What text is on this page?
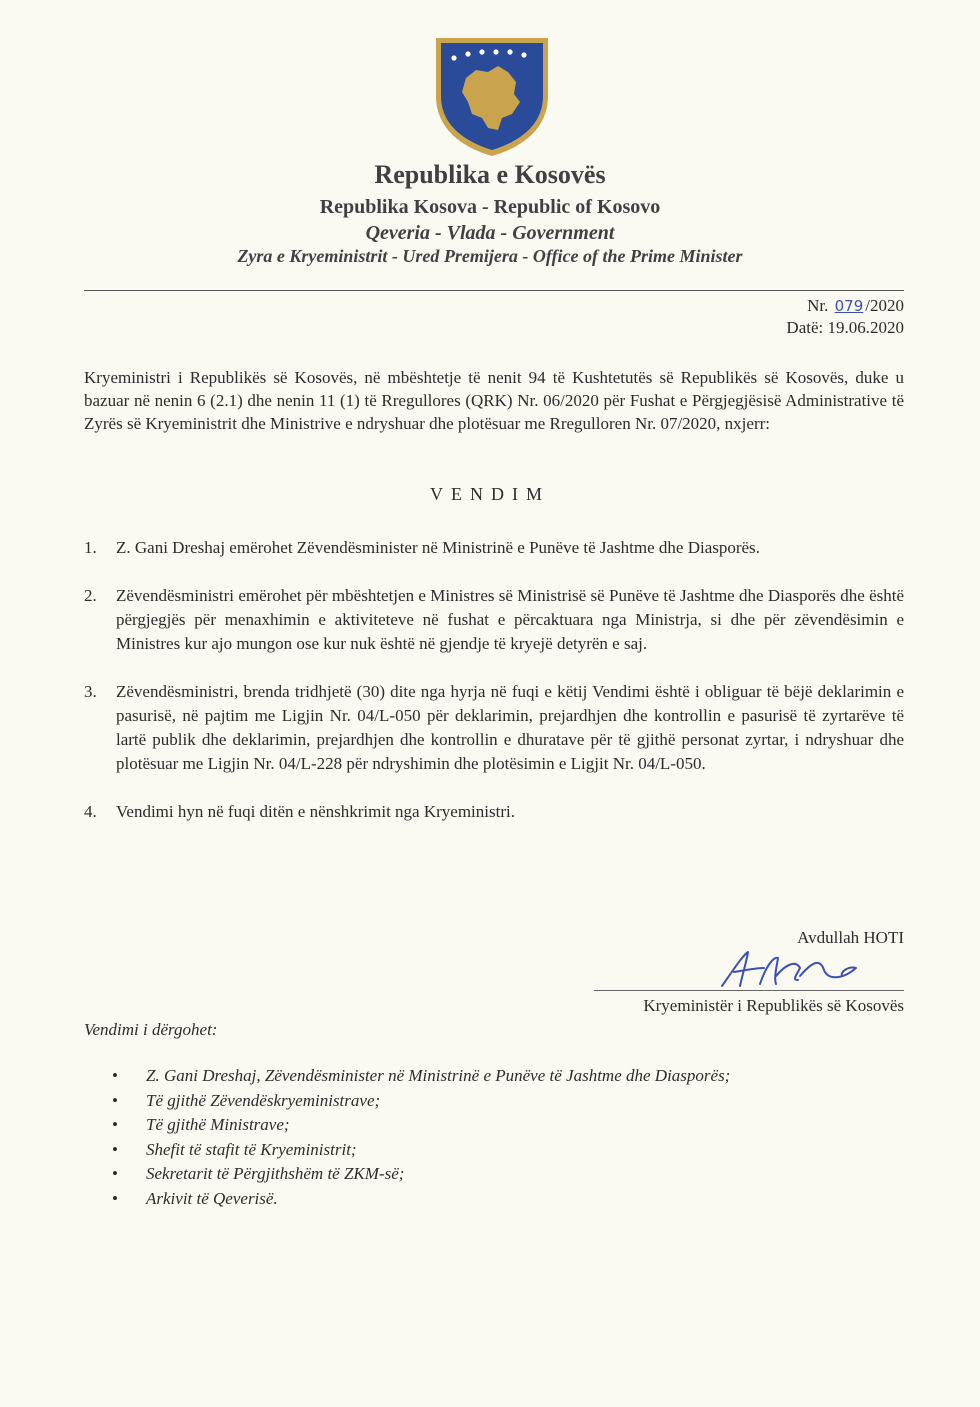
Republika e Kosovës
Republika Kosova - Republic of Kosovo
Qeveria - Vlada - Government
Zyra e Kryeministrit - Ured Premijera - Office of the Prime Minister
Nr. 079 /2020
Datë: 19.06.2020
Kryeministri i Republikës së Kosovës, në mbështetje të nenit 94 të Kushtetutës së Republikës së Kosovës, duke u bazuar në nenin 6 (2.1) dhe nenin 11 (1) të Rregullores (QRK) Nr. 06/2020 për Fushat e Përgjegjësisë Administrative të Zyrës së Kryeministrit dhe Ministrive e ndryshuar dhe plotësuar me Rregulloren Nr. 07/2020, nxjerr:
VENDIM
1. Z. Gani Dreshaj emërohet Zëvendësminister në Ministrinë e Punëve të Jashtme dhe Diasporës.
2. Zëvendësministri emërohet për mbështetjen e Ministres së Ministrisë së Punëve të Jashtme dhe Diasporës dhe është përgjegjës për menaxhimin e aktiviteteve në fushat e përcaktuara nga Ministrja, si dhe për zëvendësimin e Ministres kur ajo mungon ose kur nuk është në gjendje të kryejë detyrën e saj.
3. Zëvendësministri, brenda tridhjetë (30) dite nga hyrja në fuqi e këtij Vendimi është i obliguar të bëjë deklarimin e pasurisë, në pajtim me Ligjin Nr. 04/L-050 për deklarimin, prejardhjen dhe kontrollin e pasurisë të zyrtarëve të lartë publik dhe deklarimin, prejardhjen dhe kontrollin e dhuratave për të gjithë personat zyrtar, i ndryshuar dhe plotësuar me Ligjin Nr. 04/L-228 për ndryshimin dhe plotësimin e Ligjit Nr. 04/L-050.
4. Vendimi hyn në fuqi ditën e nënshkrimit nga Kryeministri.
Avdullah HOTI
Kryeministër i Republikës së Kosovës
Vendimi i dërgohet:
• Z. Gani Dreshaj, Zëvendësminister në Ministrinë e Punëve të Jashtme dhe Diasporës;
• Të gjithë Zëvendëskryeministrave;
• Të gjithë Ministrave;
• Shefit të stafit të Kryeministrit;
• Sekretarit të Përgjithshëm të ZKM-së;
• Arkivit të Qeverisë.
